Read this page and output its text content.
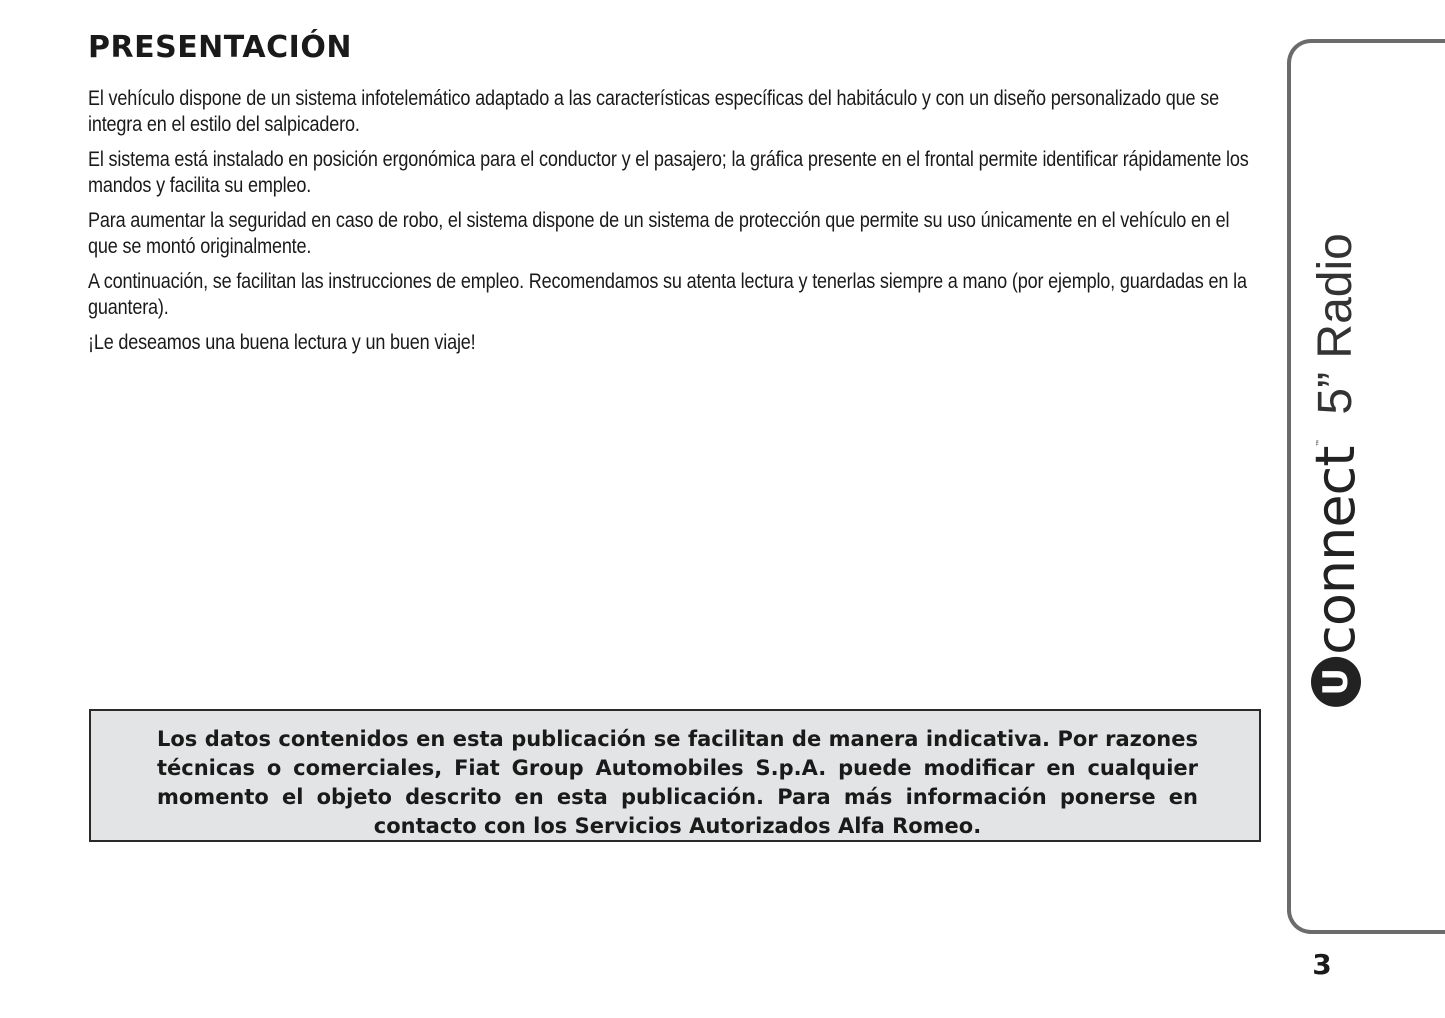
PRESENTACIÓN

El vehículo dispone de un sistema infotelemático adaptado a las características específicas del habitáculo y con un diseño personalizado que se integra en el estilo del salpicadero.

El sistema está instalado en posición ergonómica para el conductor y el pasajero; la gráfica presente en el frontal permite identificar rápidamente los mandos y facilita su empleo.

Para aumentar la seguridad en caso de robo, el sistema dispone de un sistema de protección que permite su uso únicamente en el vehículo en el que se montó originalmente.

A continuación, se facilitan las instrucciones de empleo. Recomendamos su atenta lectura y tenerlas siempre a mano (por ejemplo, guardadas en la guantera).

¡Le deseamos una buena lectura y un buen viaje!

Los datos contenidos en esta publicación se facilitan de manera indicativa. Por razones técnicas o comerciales, Fiat Group Automobiles S.p.A. puede modificar en cualquier momento el objeto descrito en esta publicación. Para más información ponerse en contacto con los Servicios Autorizados Alfa Romeo.

U
connect
™
5” Radio
3
